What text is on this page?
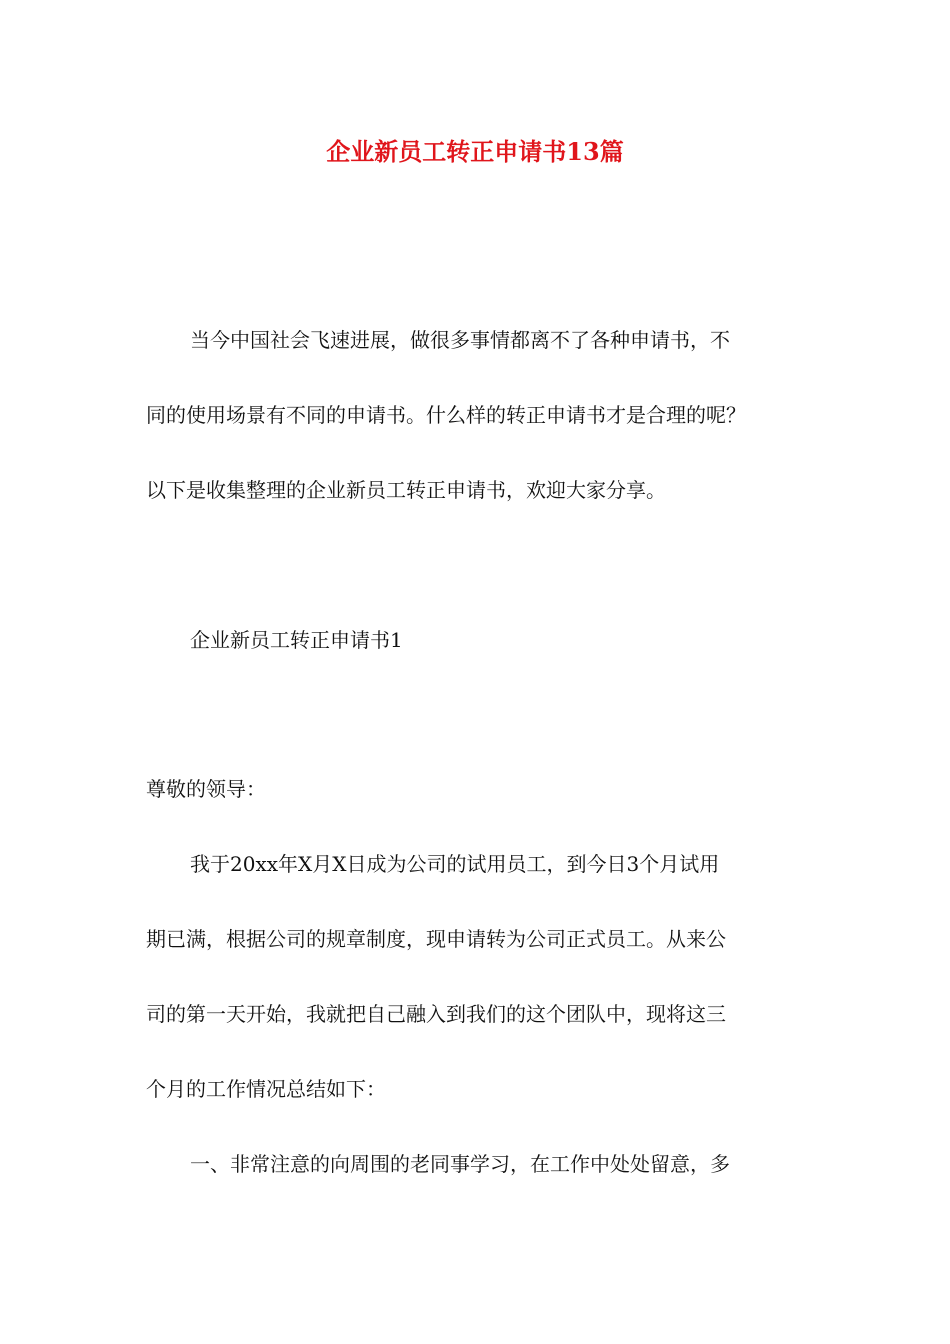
企业新员工转正申请书13篇
当今中国社会飞速进展，做很多事情都离不了各种申请书，不
同的使用场景有不同的申请书。什么样的转正申请书才是合理的呢？
以下是收集整理的企业新员工转正申请书，欢迎大家分享。
企业新员工转正申请书1
尊敬的领导：
我于20xx年X月X日成为公司的试用员工，到今日3个月试用
期已满，根据公司的规章制度，现申请转为公司正式员工。从来公
司的第一天开始，我就把自己融入到我们的这个团队中，现将这三
个月的工作情况总结如下：
一、非常注意的向周围的老同事学习，在工作中处处留意，多
